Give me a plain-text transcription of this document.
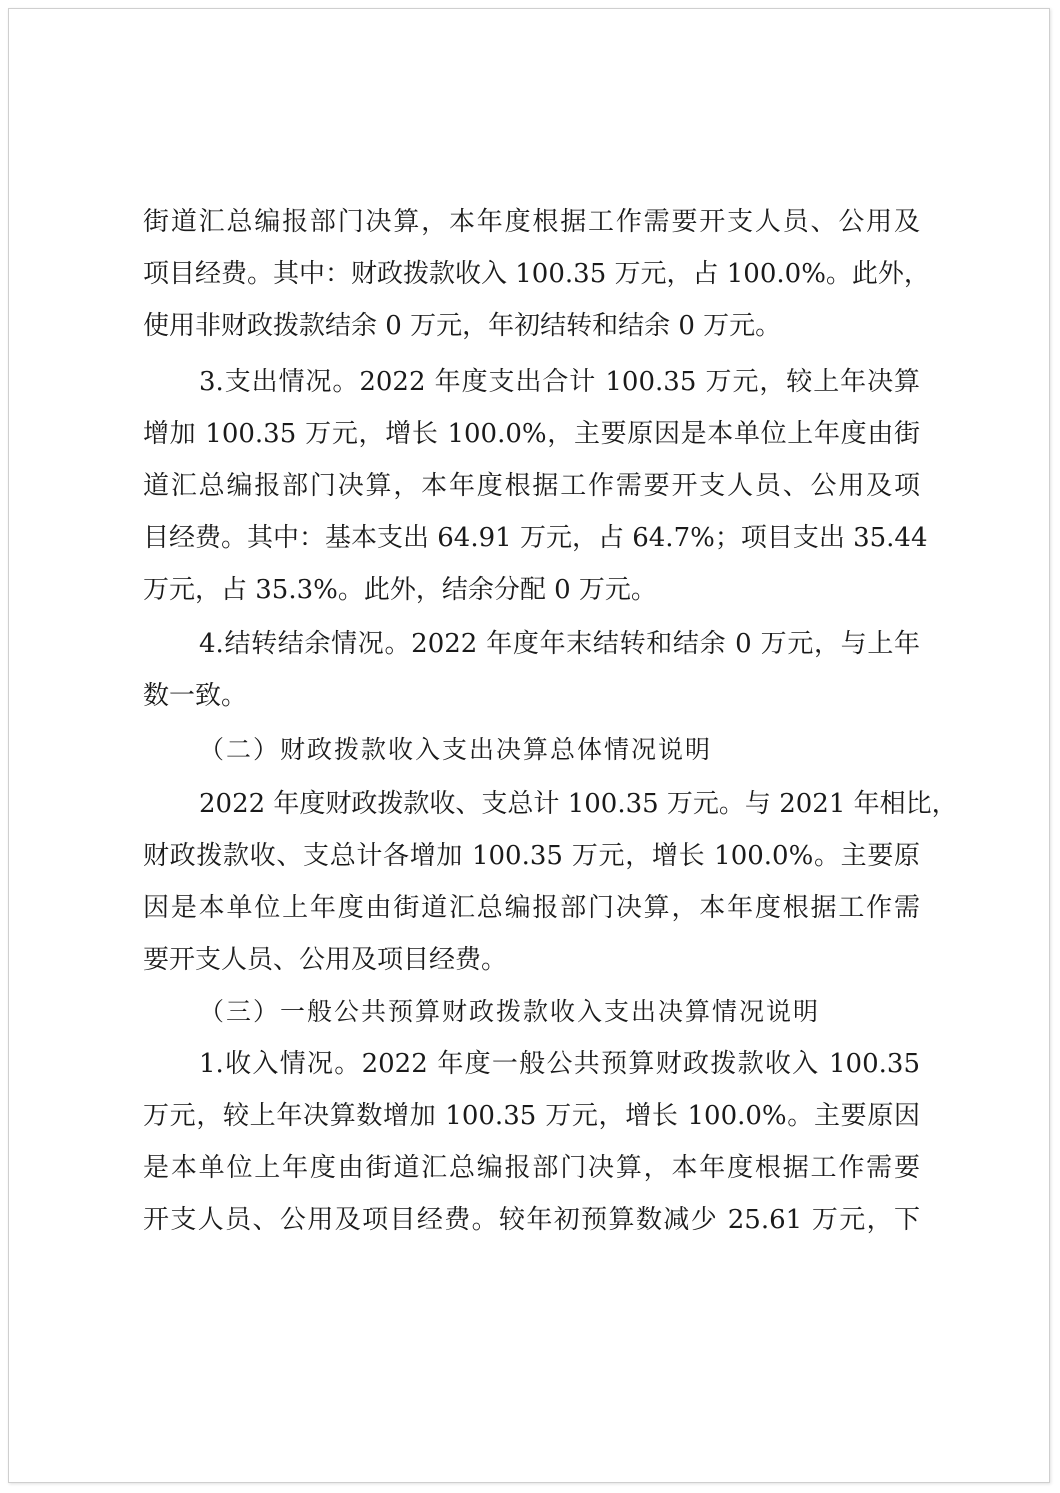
街道汇总编报部门决算，本年度根据工作需要开支人员、公用及
项目经费。其中：财政拨款收入 100.35 万元，占 100.0%。此外，
使用非财政拨款结余 0 万元，年初结转和结余 0 万元。
3.支出情况。2022 年度支出合计 100.35 万元，较上年决算
增加 100.35 万元，增长 100.0%，主要原因是本单位上年度由街
道汇总编报部门决算，本年度根据工作需要开支人员、公用及项
目经费。其中：基本支出 64.91 万元，占 64.7%；项目支出 35.44
万元，占 35.3%。此外，结余分配 0 万元。
4.结转结余情况。2022 年度年末结转和结余 0 万元，与上年
数一致。
（二）财政拨款收入支出决算总体情况说明
2022 年度财政拨款收、支总计 100.35 万元。与 2021 年相比，
财政拨款收、支总计各增加 100.35 万元，增长 100.0%。主要原
因是本单位上年度由街道汇总编报部门决算，本年度根据工作需
要开支人员、公用及项目经费。
（三）一般公共预算财政拨款收入支出决算情况说明
1.收入情况。2022 年度一般公共预算财政拨款收入 100.35
万元，较上年决算数增加 100.35 万元，增长 100.0%。主要原因
是本单位上年度由街道汇总编报部门决算，本年度根据工作需要
开支人员、公用及项目经费。较年初预算数减少 25.61 万元，下
